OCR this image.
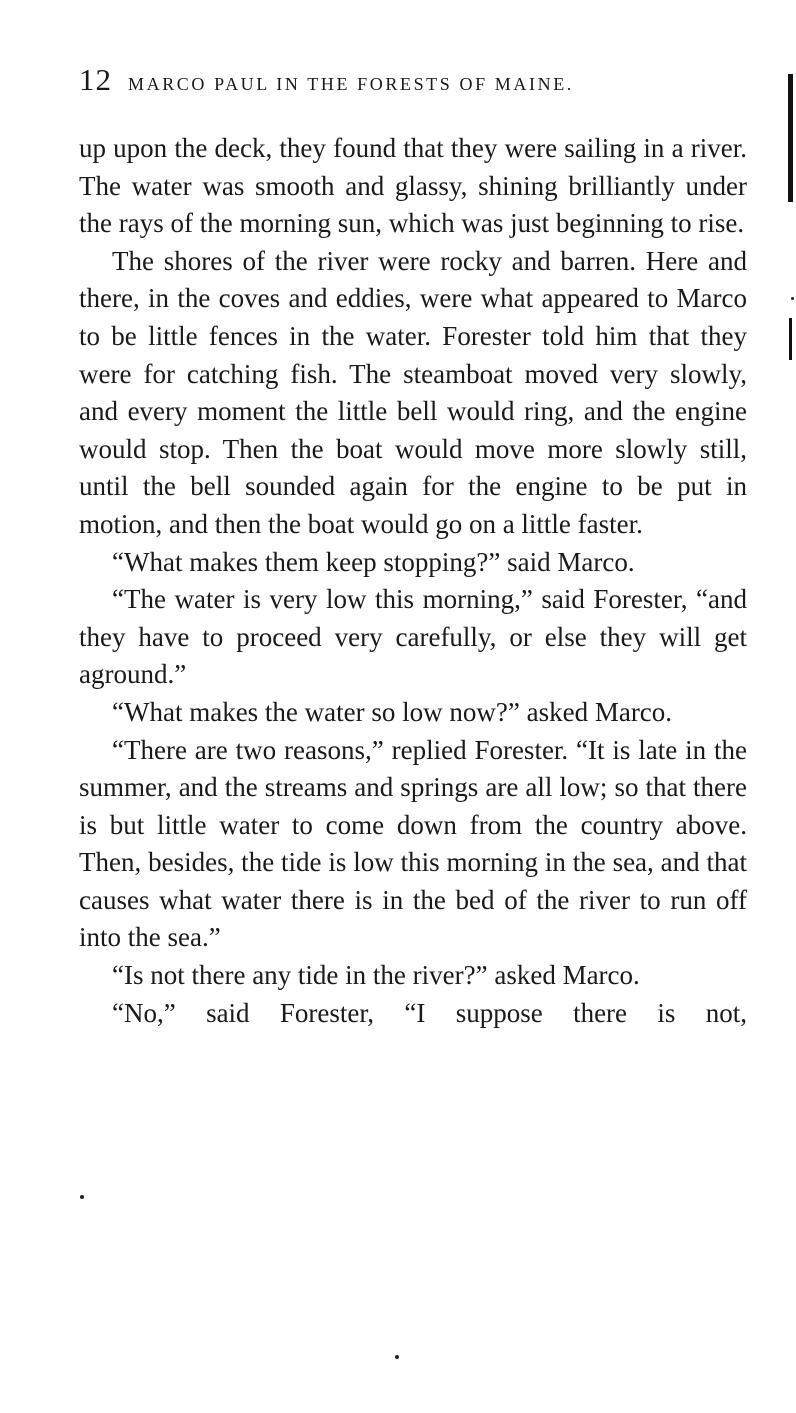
12 MARCO PAUL IN THE FORESTS OF MAINE.

up upon the deck, they found that they were sailing in a river. The water was smooth and glassy, shining brilliantly under the rays of the morning sun, which was just beginning to rise.

The shores of the river were rocky and barren. Here and there, in the coves and eddies, were what appeared to Marco to be little fences in the water. Forester told him that they were for catching fish. The steamboat moved very slowly, and every moment the little bell would ring, and the engine would stop. Then the boat would move more slowly still, until the bell sounded again for the engine to be put in motion, and then the boat would go on a little faster.

“What makes them keep stopping?” said Marco.

“The water is very low this morning,” said Forester, “and they have to proceed very carefully, or else they will get aground.”

“What makes the water so low now?” asked Marco.

“There are two reasons,” replied Forester. “It is late in the summer, and the streams and springs are all low; so that there is but little water to come down from the country above. Then, besides, the tide is low this morning in the sea, and that causes what water there is in the bed of the river to run off into the sea.”

“Is not there any tide in the river?” asked Marco.

“No,” said Forester, “I suppose there is not,
